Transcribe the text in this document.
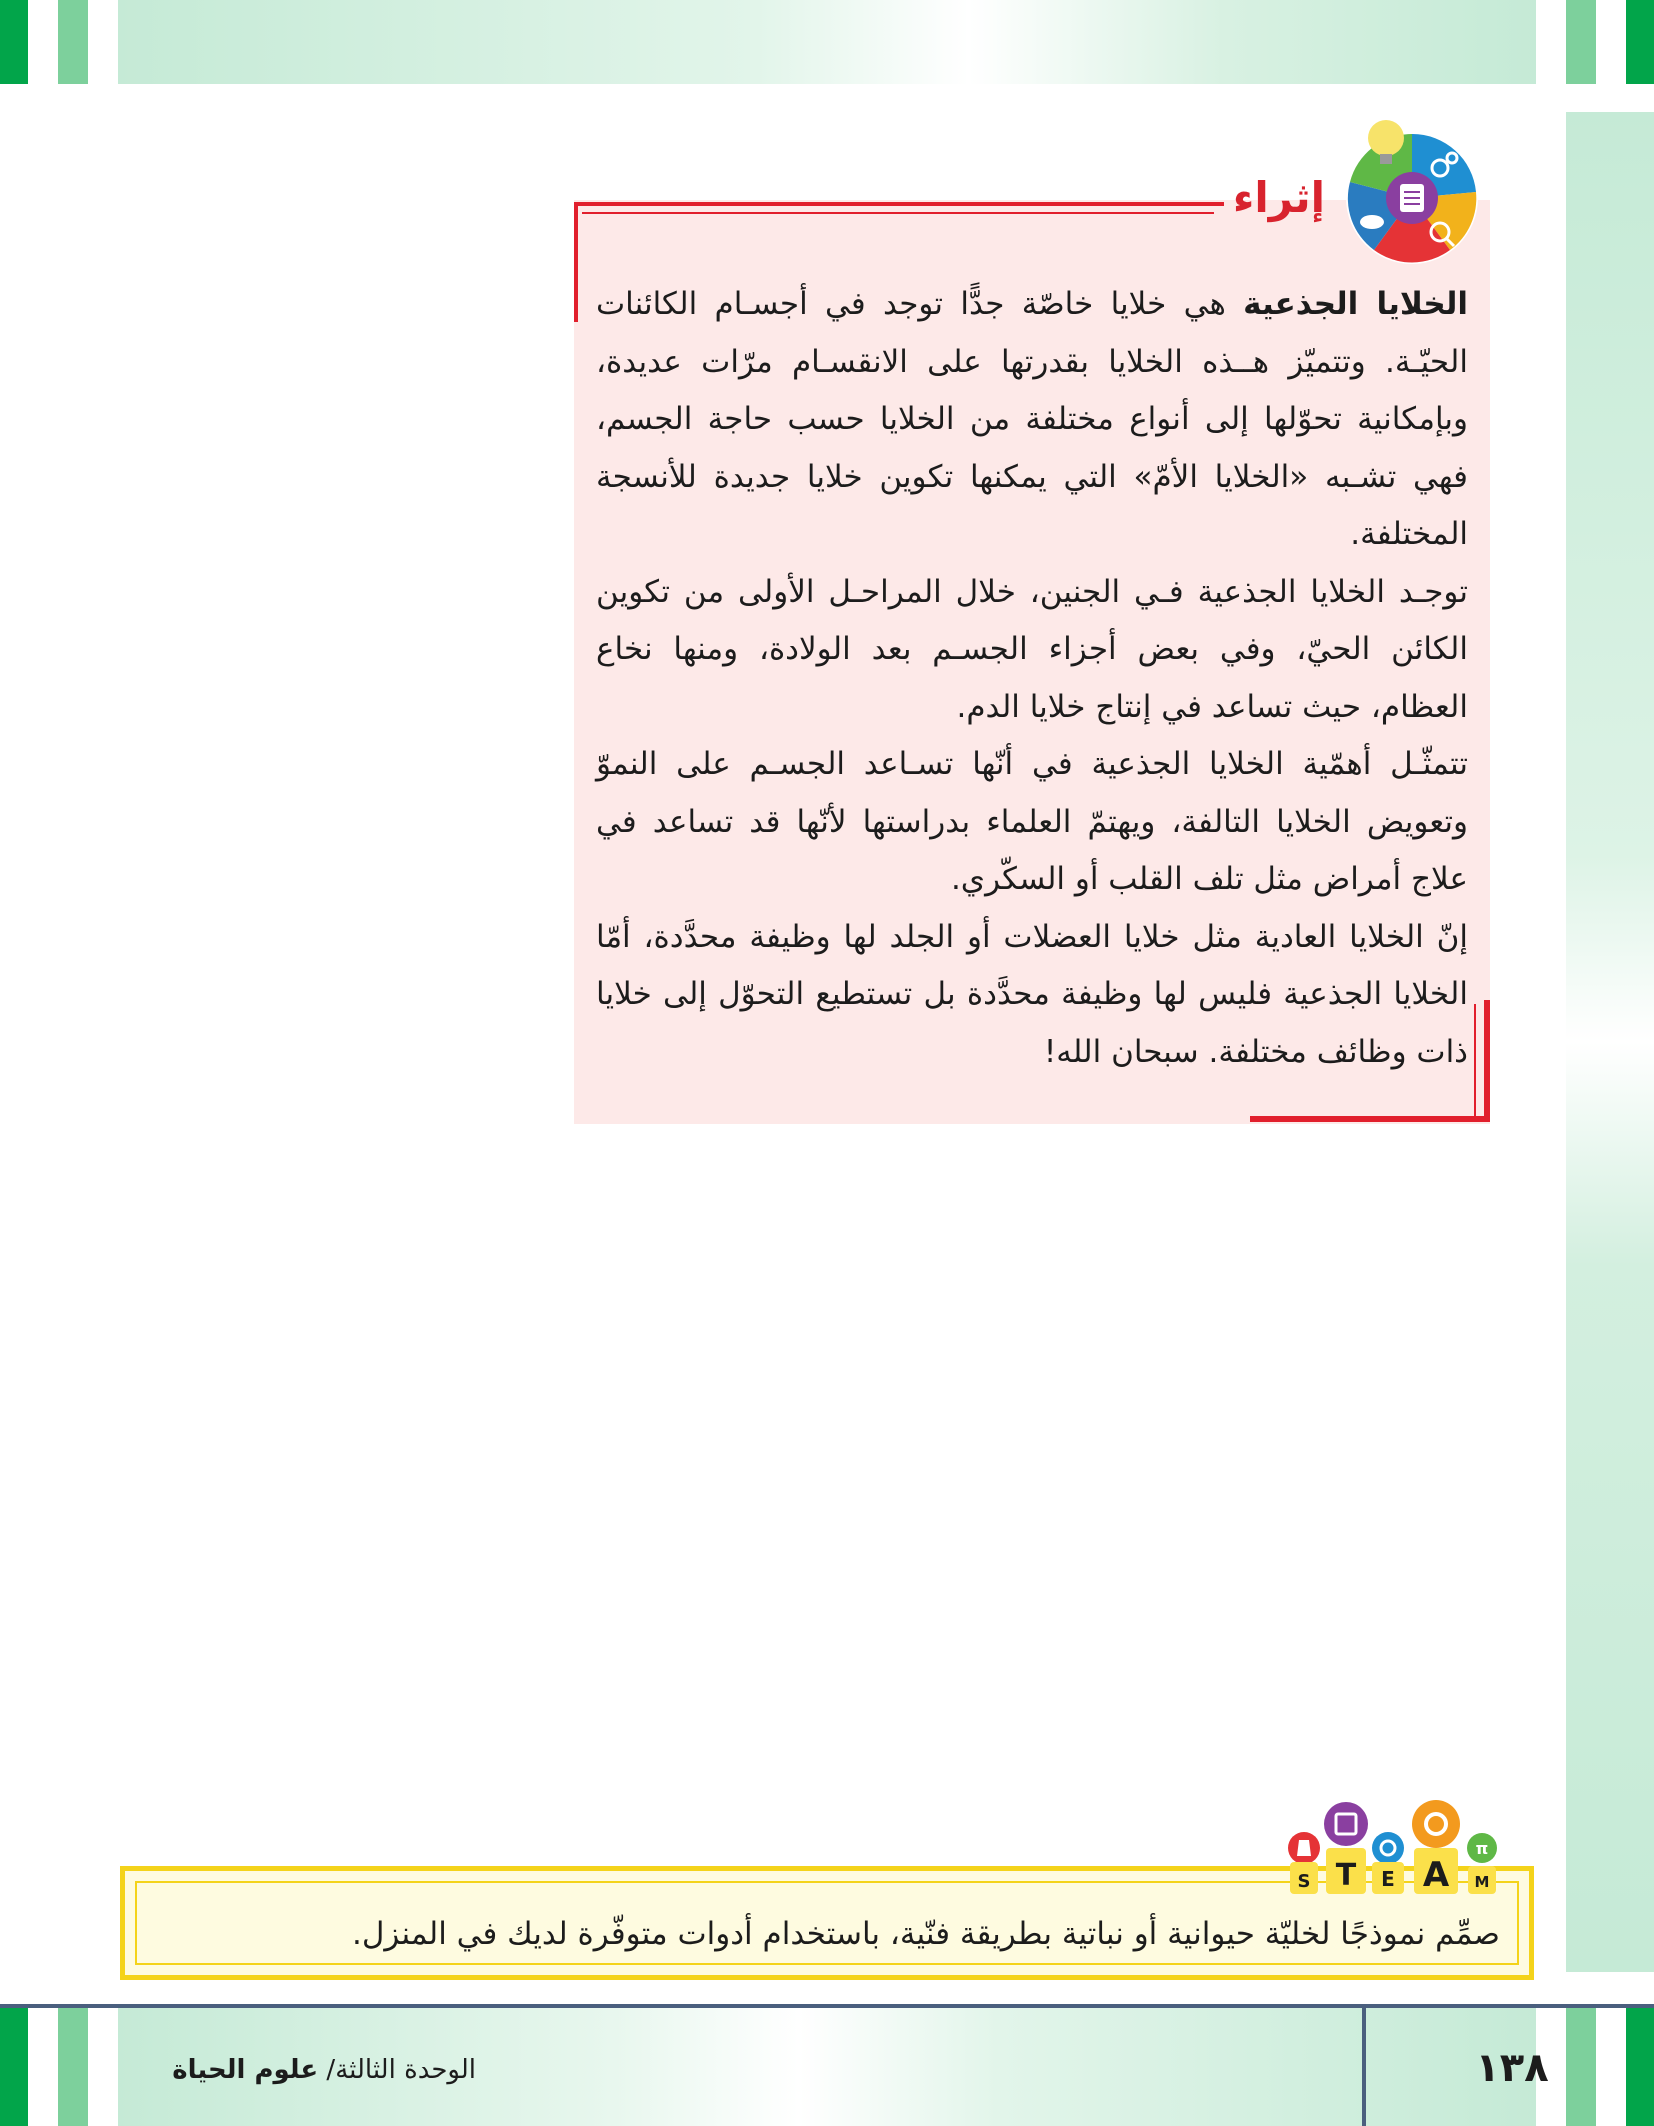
إثراء

الخلايا الجذعية هي خلايا خاصّة جدًّا توجد في أجسـام الكائنات الحيّـة. وتتميّز هــذه الخلايا بقدرتها على الانقسـام مرّات عديدة، وبإمكانية تحوّلها إلى أنواع مختلفة من الخلايا حسب حاجة الجسم، فهي تشـبه «الخلايا الأمّ» التي يمكنها تكوين خلايا جديدة للأنسجة المختلفة.

توجـد الخلايا الجذعية فـي الجنين، خلال المراحـل الأولى من تكوين الكائن الحيّ، وفي بعض أجزاء الجسـم بعد الولادة، ومنها نخاع العظام، حيث تساعد في إنتاج خلايا الدم.

تتمثّـل أهمّية الخلايا الجذعية في أنّها تسـاعد الجسـم على النموّ وتعويض الخلايا التالفة، ويهتمّ العلماء بدراستها لأنّها قد تساعد في علاج أمراض مثل تلف القلب أو السكّري.

إنّ الخلايا العادية مثل خلايا العضلات أو الجلد لها وظيفة محدَّدة، أمّا الخلايا الجذعية فليس لها وظيفة محدَّدة بل تستطيع التحوّل إلى خلايا ذات وظائف مختلفة. سبحان الله!

S T E A
π
M
صمِّم نموذجًا لخليّة حيوانية أو نباتية بطريقة فنّية، باستخدام أدوات متوفّرة لديك في المنزل.
الوحدة الثالثة/ علوم الحياة	١٣٨
